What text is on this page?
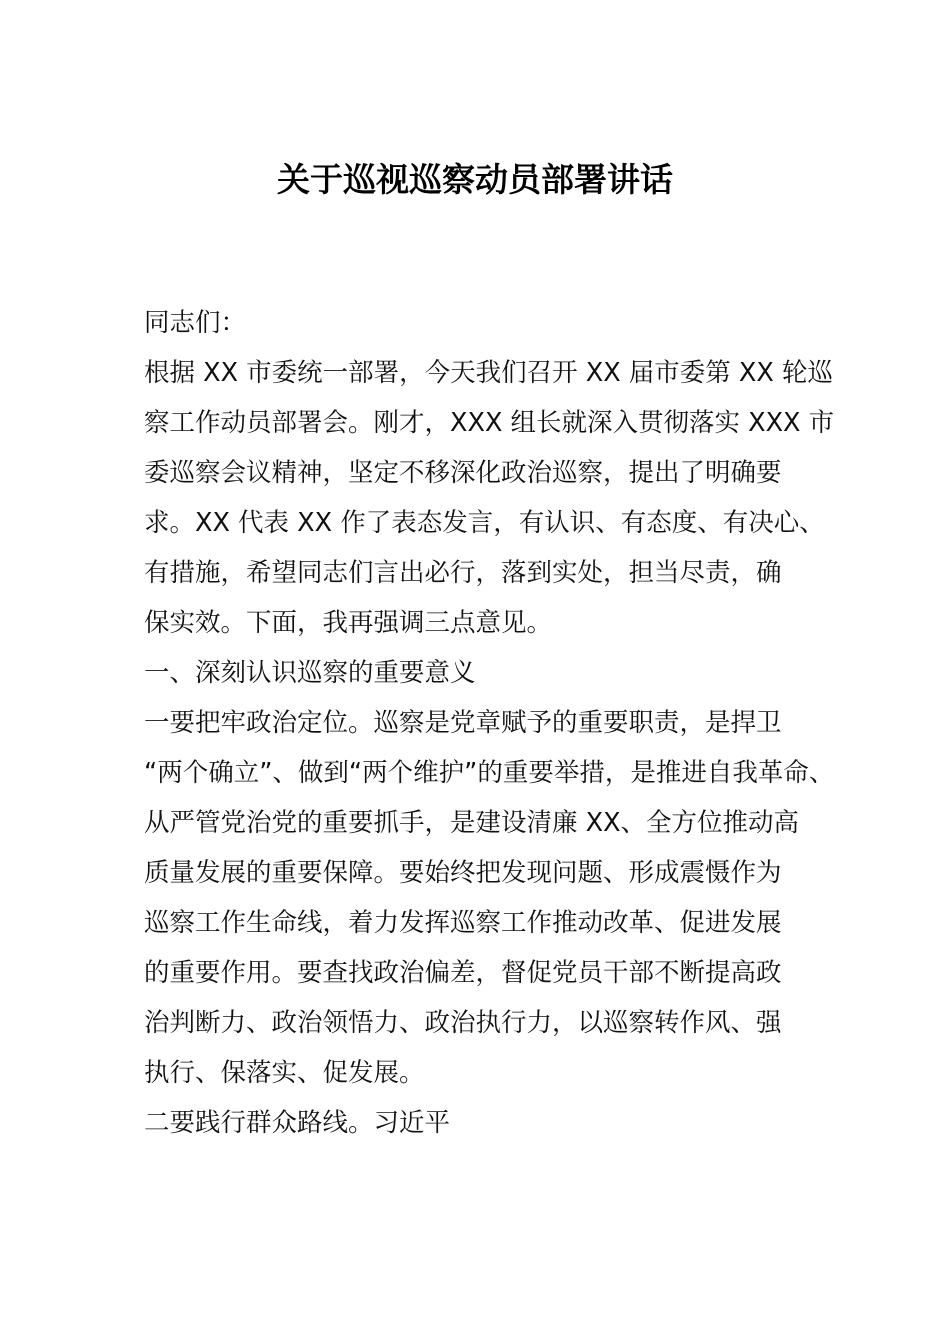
关于巡视巡察动员部署讲话
同志们：
根据 XX 市委统一部署，今天我们召开 XX 届市委第 XX 轮巡
察工作动员部署会。刚才，XXX 组长就深入贯彻落实 XXX 市
委巡察会议精神，坚定不移深化政治巡察，提出了明确要
求。XX 代表 XX 作了表态发言，有认识、有态度、有决心、
有措施，希望同志们言出必行，落到实处，担当尽责，确
保实效。下面，我再强调三点意见。
一、深刻认识巡察的重要意义
一要把牢政治定位。巡察是党章赋予的重要职责，是捍卫
“两个确立”、做到“两个维护”的重要举措，是推进自我革命、
从严管党治党的重要抓手，是建设清廉 XX、全方位推动高
质量发展的重要保障。要始终把发现问题、形成震慑作为
巡察工作生命线，着力发挥巡察工作推动改革、促进发展
的重要作用。要查找政治偏差，督促党员干部不断提高政
治判断力、政治领悟力、政治执行力，以巡察转作风、强
执行、保落实、促发展。
二要践行群众路线。习近平
